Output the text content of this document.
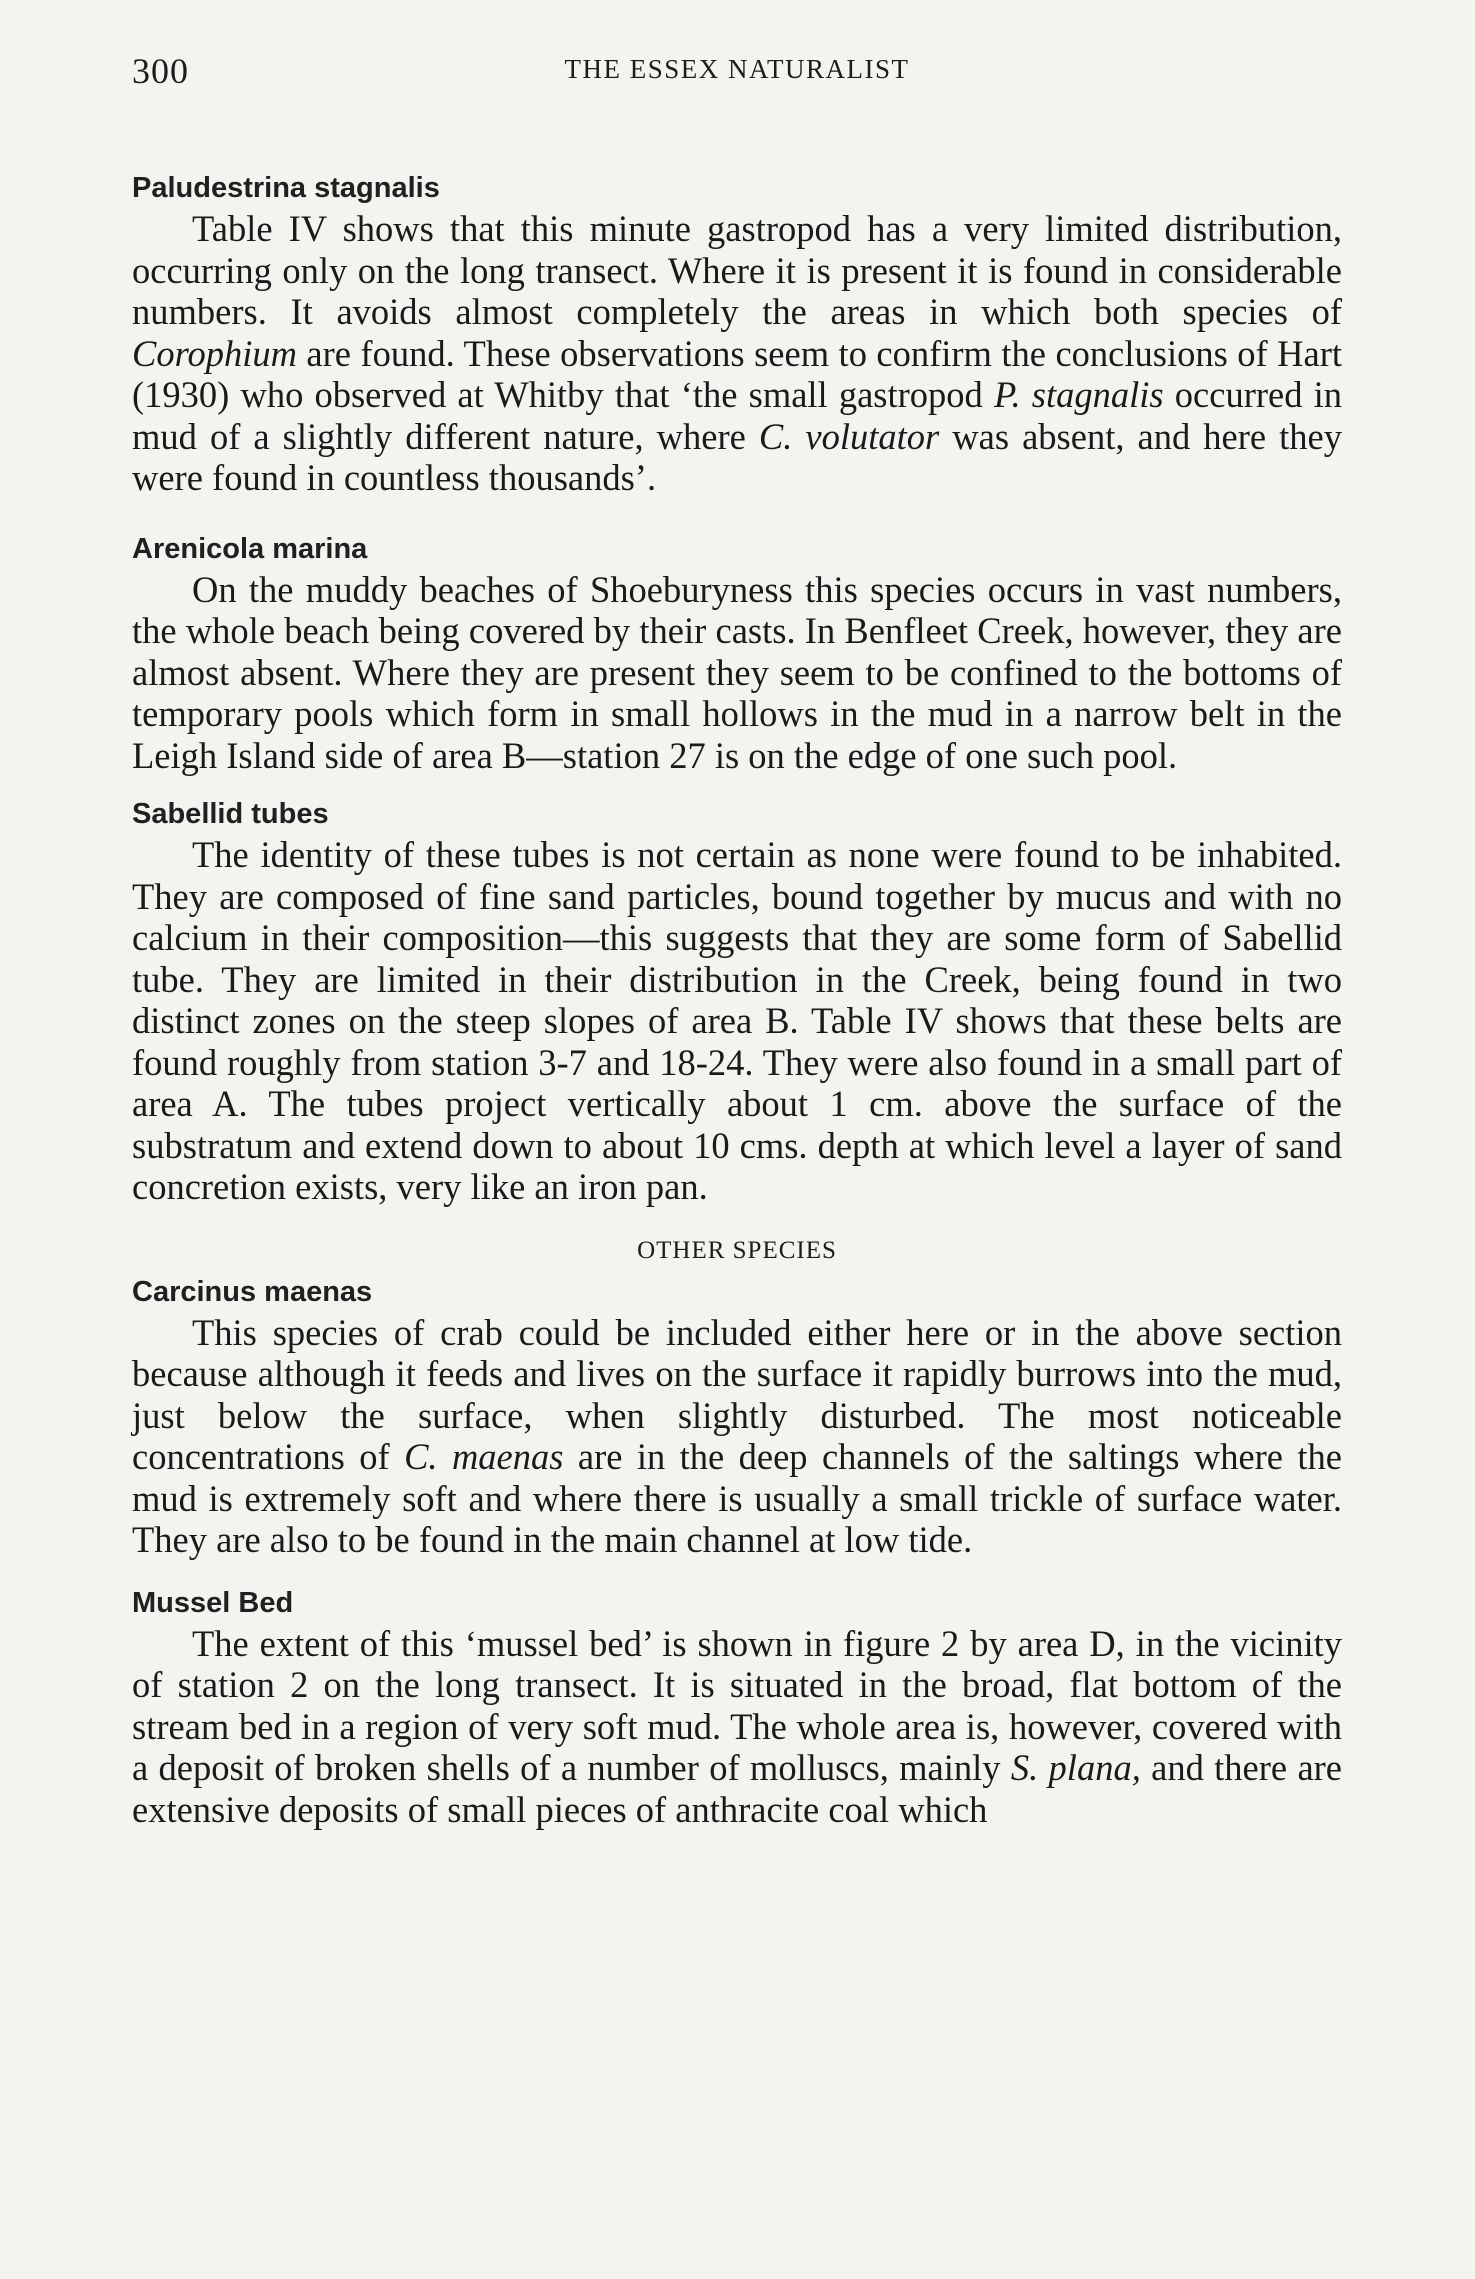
300	THE ESSEX NATURALIST
Paludestrina stagnalis

Table IV shows that this minute gastropod has a very limited distribution, occurring only on the long transect. Where it is present it is found in considerable numbers. It avoids almost completely the areas in which both species of Corophium are found. These observations seem to confirm the conclusions of Hart (1930) who observed at Whitby that ‘the small gastropod P. stagnalis occurred in mud of a slightly different nature, where C. volutator was absent, and here they were found in countless thousands’.

Arenicola marina

On the muddy beaches of Shoeburyness this species occurs in vast numbers, the whole beach being covered by their casts. In Benfleet Creek, however, they are almost absent. Where they are present they seem to be confined to the bottoms of temporary pools which form in small hollows in the mud in a narrow belt in the Leigh Island side of area B—station 27 is on the edge of one such pool.

Sabellid tubes

The identity of these tubes is not certain as none were found to be inhabited. They are composed of fine sand particles, bound together by mucus and with no calcium in their composition—this suggests that they are some form of Sabellid tube. They are limited in their distribution in the Creek, being found in two distinct zones on the steep slopes of area B. Table IV shows that these belts are found roughly from station 3-7 and 18-24. They were also found in a small part of area A. The tubes project vertically about 1 cm. above the surface of the substratum and extend down to about 10 cms. depth at which level a layer of sand concretion exists, very like an iron pan.

OTHER SPECIES
Carcinus maenas

This species of crab could be included either here or in the above section because although it feeds and lives on the surface it rapidly burrows into the mud, just below the surface, when slightly disturbed. The most noticeable concentrations of C. maenas are in the deep channels of the saltings where the mud is extremely soft and where there is usually a small trickle of surface water. They are also to be found in the main channel at low tide.

Mussel Bed

The extent of this ‘mussel bed’ is shown in figure 2 by area D, in the vicinity of station 2 on the long transect. It is situated in the broad, flat bottom of the stream bed in a region of very soft mud. The whole area is, however, covered with a deposit of broken shells of a number of molluscs, mainly S. plana, and there are extensive deposits of small pieces of anthracite coal which
